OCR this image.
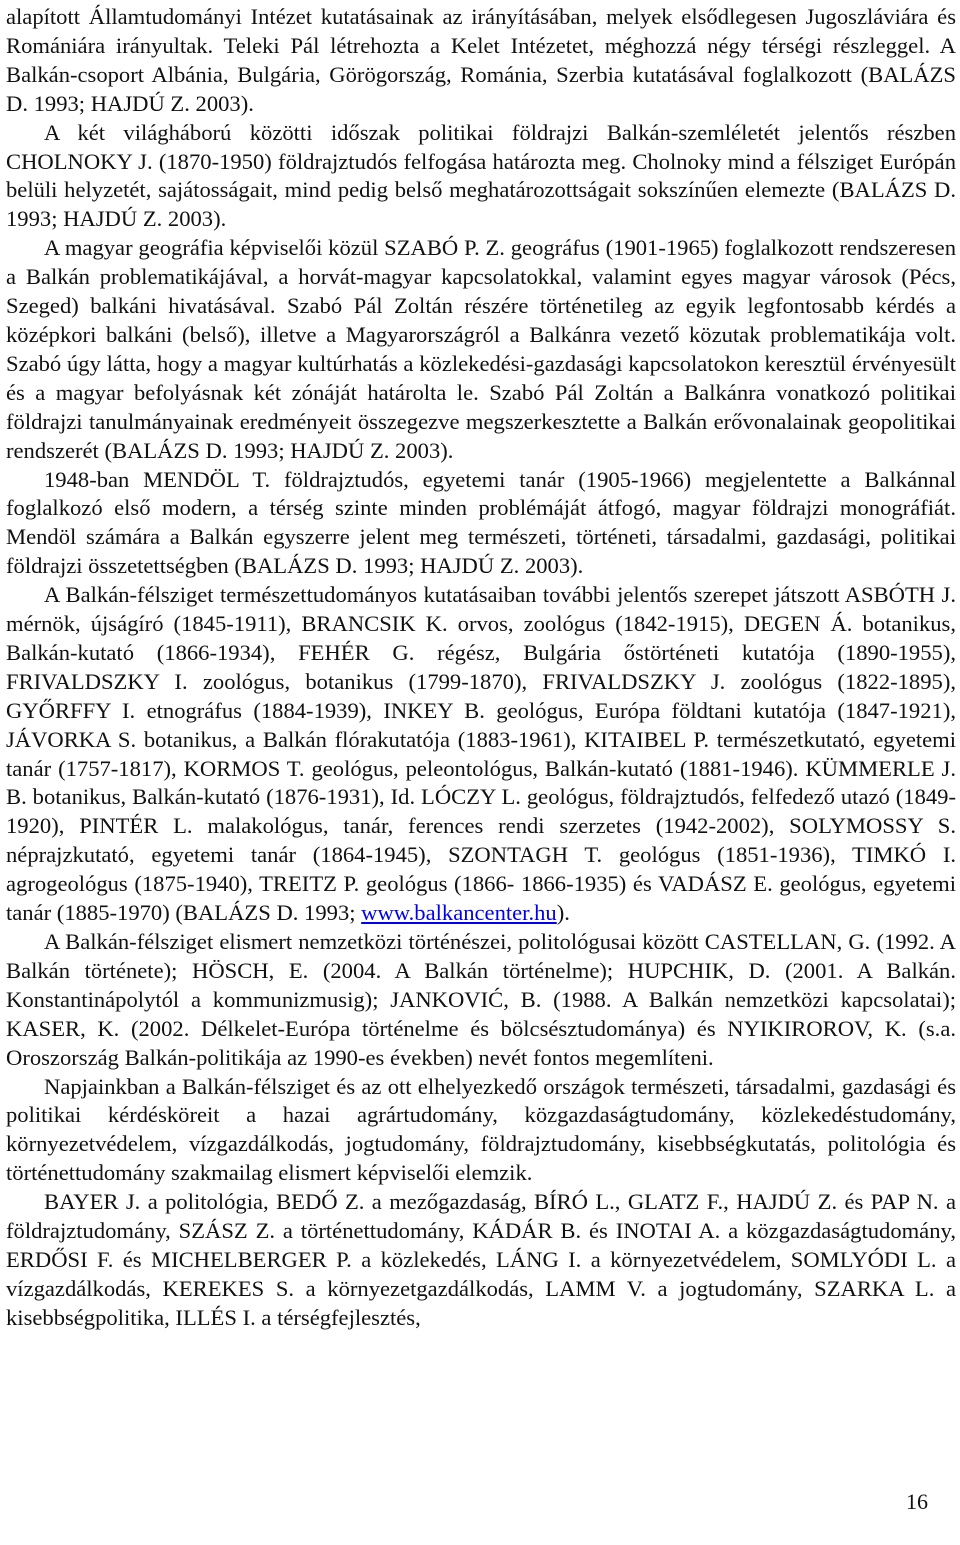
alapított Államtudományi Intézet kutatásainak az irányításában, melyek elsődlegesen Jugoszláviára és Romániára irányultak. Teleki Pál létrehozta a Kelet Intézetet, méghozzá négy térségi részleggel. A Balkán-csoport Albánia, Bulgária, Görögország, Románia, Szerbia kutatásával foglalkozott (BALÁZS D. 1993; HAJDÚ Z. 2003).

A két világháború közötti időszak politikai földrajzi Balkán-szemléletét jelentős részben CHOLNOKY J. (1870-1950) földrajztudós felfogása határozta meg. Cholnoky mind a félsziget Európán belüli helyzetét, sajátosságait, mind pedig belső meghatározottságait sokszínűen elemezte (BALÁZS D. 1993; HAJDÚ Z. 2003).

A magyar geográfia képviselői közül SZABÓ P. Z. geográfus (1901-1965) foglalkozott rendszeresen a Balkán problematikájával, a horvát-magyar kapcsolatokkal, valamint egyes magyar városok (Pécs, Szeged) balkáni hivatásával. Szabó Pál Zoltán részére történetileg az egyik legfontosabb kérdés a középkori balkáni (belső), illetve a Magyarországról a Balkánra vezető közutak problematikája volt. Szabó úgy látta, hogy a magyar kultúrhatás a közlekedési-gazdasági kapcsolatokon keresztül érvényesült és a magyar befolyásnak két zónáját határolta le. Szabó Pál Zoltán a Balkánra vonatkozó politikai földrajzi tanulmányainak eredményeit összegezve megszerkesztette a Balkán erővonalainak geopolitikai rendszerét (BALÁZS D. 1993; HAJDÚ Z. 2003).

1948-ban MENDÖL T. földrajztudós, egyetemi tanár (1905-1966) megjelentette a Balkánnal foglalkozó első modern, a térség szinte minden problémáját átfogó, magyar földrajzi monográfiát. Mendöl számára a Balkán egyszerre jelent meg természeti, történeti, társadalmi, gazdasági, politikai földrajzi összetettségben (BALÁZS D. 1993; HAJDÚ Z. 2003).

A Balkán-félsziget természettudományos kutatásaiban további jelentős szerepet játszott ASBÓTH J. mérnök, újságíró (1845-1911), BRANCSIK K. orvos, zoológus (1842-1915), DEGEN Á. botanikus, Balkán-kutató (1866-1934), FEHÉR G. régész, Bulgária őstörténeti kutatója (1890-1955), FRIVALDSZKY I. zoológus, botanikus (1799-1870), FRIVALDSZKY J. zoológus (1822-1895), GYŐRFFY I. etnográfus (1884-1939), INKEY B. geológus, Európa földtani kutatója (1847-1921), JÁVORKA S. botanikus, a Balkán flórakutatója (1883-1961), KITAIBEL P. természetkutató, egyetemi tanár (1757-1817), KORMOS T. geológus, peleontológus, Balkán-kutató (1881-1946). KÜMMERLE J. B. botanikus, Balkán-kutató (1876-1931), Id. LÓCZY L. geológus, földrajztudós, felfedező utazó (1849-1920), PINTÉR L. malakológus, tanár, ferences rendi szerzetes (1942-2002), SOLYMOSSY S. néprajzkutató, egyetemi tanár (1864-1945), SZONTAGH T. geológus (1851-1936), TIMKÓ I. agrogeológus (1875-1940), TREITZ P. geológus (1866- 1866-1935) és VADÁSZ E. geológus, egyetemi tanár (1885-1970) (BALÁZS D. 1993; www.balkancenter.hu).

A Balkán-félsziget elismert nemzetközi történészei, politológusai között CASTELLAN, G. (1992. A Balkán története); HÖSCH, E. (2004. A Balkán történelme); HUPCHIK, D. (2001. A Balkán. Konstantinápolytól a kommunizmusig); JANKOVIĆ, B. (1988. A Balkán nemzetközi kapcsolatai); KASER, K. (2002. Délkelet-Európa történelme és bölcsésztudománya) és NYIKIROROV, K. (s.a. Oroszország Balkán-politikája az 1990-es években) nevét fontos megemlíteni.

Napjainkban a Balkán-félsziget és az ott elhelyezkedő országok természeti, társadalmi, gazdasági és politikai kérdésköreit a hazai agrártudomány, közgazdaságtudomány, közlekedéstudomány, környezetvédelem, vízgazdálkodás, jogtudomány, földrajztudomány, kisebbségkutatás, politológia és történettudomány szakmailag elismert képviselői elemzik.

BAYER J. a politológia, BEDŐ Z. a mezőgazdaság, BÍRÓ L., GLATZ F., HAJDÚ Z. és PAP N. a földrajztudomány, SZÁSZ Z. a történettudomány, KÁDÁR B. és INOTAI A. a közgazdaságtudomány, ERDŐSI F. és MICHELBERGER P. a közlekedés, LÁNG I. a környezetvédelem, SOMLYÓDI L. a vízgazdálkodás, KEREKES S. a környezetgazdálkodás, LAMM V. a jogtudomány, SZARKA L. a kisebbségpolitika, ILLÉS I. a térségfejlesztés,

16
